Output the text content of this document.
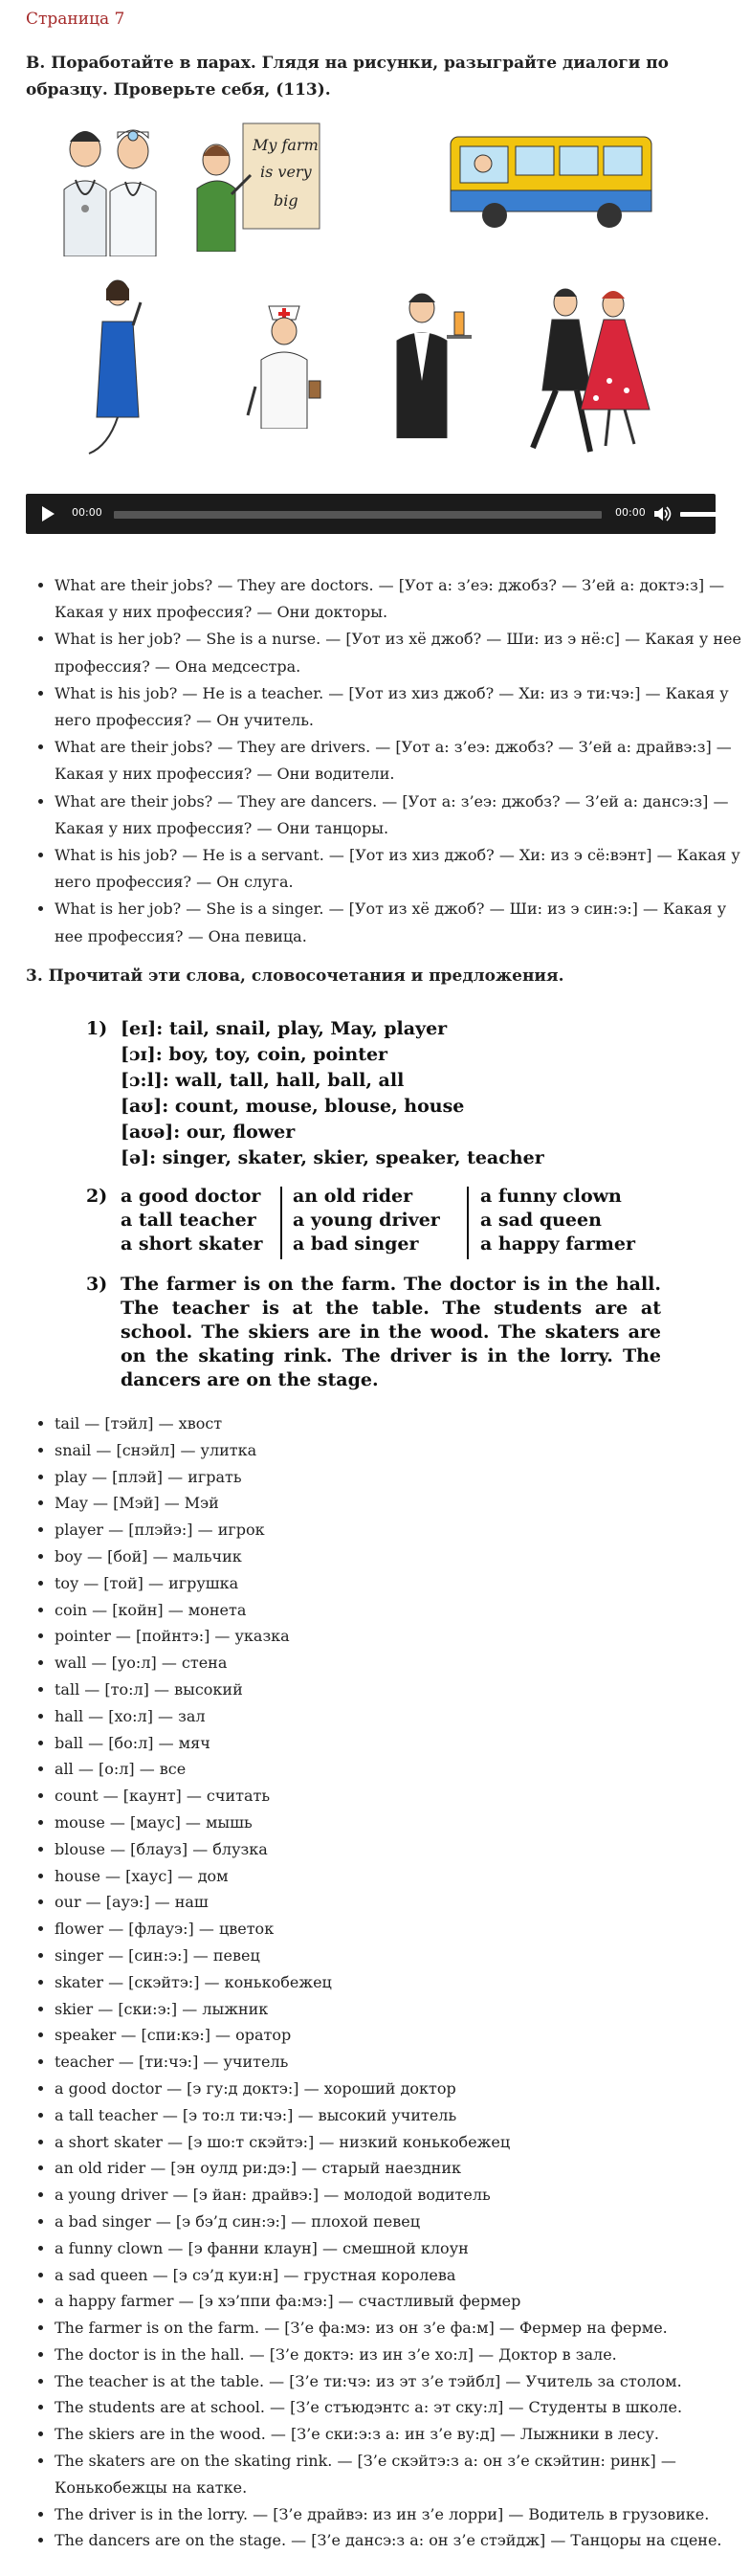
Страница 7
B. Поработайте в парах. Глядя на рисунки, разыгрaйте диалоги по образцу. Проверьте себя, (113).
My farm
is very
big
00:00	00:00
• What are their jobs? — They are doctors. — [Уот а: з’еэ: джобз? — З’ей а: доктэ:з] — Какая у них профессия? — Они доктоpы.
• What is her job? — She is a nurse. — [Уот из хё джоб? — Ши: из э нё:с] — Какая у нее профессия? — Она медсестра.
• What is his job? — He is a teacher. — [Уот из хиз джоб? — Хи: из э ти:чэ:] — Какая у него профессия? — Он учитель.
• What are their jobs? — They are drivers. — [Уот а: з’еэ: джобз? — З’ей а: драйвэ:з] — Какая у них профессия? — Они водители.
• What are their jobs? — They are dancers. — [Уот а: з’еэ: джобз? — З’ей а: дансэ:з] — Какая у них профессия? — Они танцоры.
• What is his job? — He is a servant. — [Уот из хиз джоб? — Хи: из э сё:вэнт] — Какая у него профессия? — Он слуга.
• What is her job? — She is a singer. — [Уот из хё джоб? — Ши: из э син:э:] — Какая у нее профессия? — Она певица.
3. Прочитай эти слова, словосочетания и предложения.
1) [eɪ]: tail, snail, play, May, player
[ɔɪ]: boy, toy, coin, pointer
[ɔ:l]: wall, tall, hall, ball, all
[aʊ]: count, mouse, blouse, house
[aʊə]: our, flower
[ə]: singer, skater, skier, speaker, teacher
2) a good doctor
a tall teacher
a short skater
an old rider
a young driver
a bad singer
a funny clown
a sad queen
a happy farmer
3) The farmer is on the farm. The doctor is in the hall. The teacher is at the table. The students are at school. The skiers are in the wood. The skaters are on the skating rink. The driver is in the lorry. The dancers are on the stage.
• tail — [тэйл] — хвост
• snail — [снэйл] — улитка
• play — [плэй] — играть
• May — [Мэй] — Мэй
• player — [плэйэ:] — игрок
• boy — [бой] — мальчик
• toy — [той] — игрушка
• coin — [койн] — монета
• pointer — [пойнтэ:] — указка
• wall — [уо:л] — стена
• tall — [то:л] — высокий
• hall — [хо:л] — зал
• ball — [бо:л] — мяч
• all — [о:л] — все
• count — [каунт] — считать
• mouse — [маус] — мышь
• blouse — [блауз] — блузка
• house — [хаус] — дом
• our — [ауэ:] — наш
• flower — [флауэ:] — цветок
• singer — [син:э:] — певец
• skater — [скэйтэ:] — конькобежец
• skier — [ски:э:] — лыжник
• speaker — [спи:кэ:] — оратор
• teacher — [ти:чэ:] — учитель
• a good doctor — [э гу:д доктэ:] — хороший доктор
• a tall teacher — [э то:л ти:чэ:] — высокий учитель
• a short skater — [э шо:т скэйтэ:] — низкий конькобежец
• an old rider — [эн оулд ри:дэ:] — старый наездник
• a young driver — [э йан: драйвэ:] — молодой водитель
• a bad singer — [э бэ’д син:э:] — плохой певец
• a funny clown — [э фанни клаун] — смешной клоун
• a sad queen — [э сэ’д куи:н] — грустная королева
• a happy farmer — [э хэ’ппи фа:мэ:] — счастливый фермер
• The farmer is on the farm. — [З’е фа:мэ: из он з’е фа:м] — Фермер на ферме.
• The doctor is in the hall. — [З’е доктэ: из ин з’е хо:л] — Доктор в зале.
• The teacher is at the table. — [З’е ти:чэ: из эт з’е тэйбл] — Учитель за столом.
• The students are at school. — [З’е стъюдэнтс а: эт ску:л] — Студенты в школе.
• The skiers are in the wood. — [З’е ски:э:з а: ин з’е ву:д] — Лыжники в лесу.
• The skaters are on the skating rink. — [З’е скэйтэ:з а: он з’е скэйтин: ринк] — Конькобежцы на катке.
• The driver is in the lorry. — [З’е драйвэ: из ин з’е лорри] — Водитель в грузовике.
• The dancers are on the stage. — [З’е дансэ:з а: он з’е стэйдж] — Танцоры на сцене.
